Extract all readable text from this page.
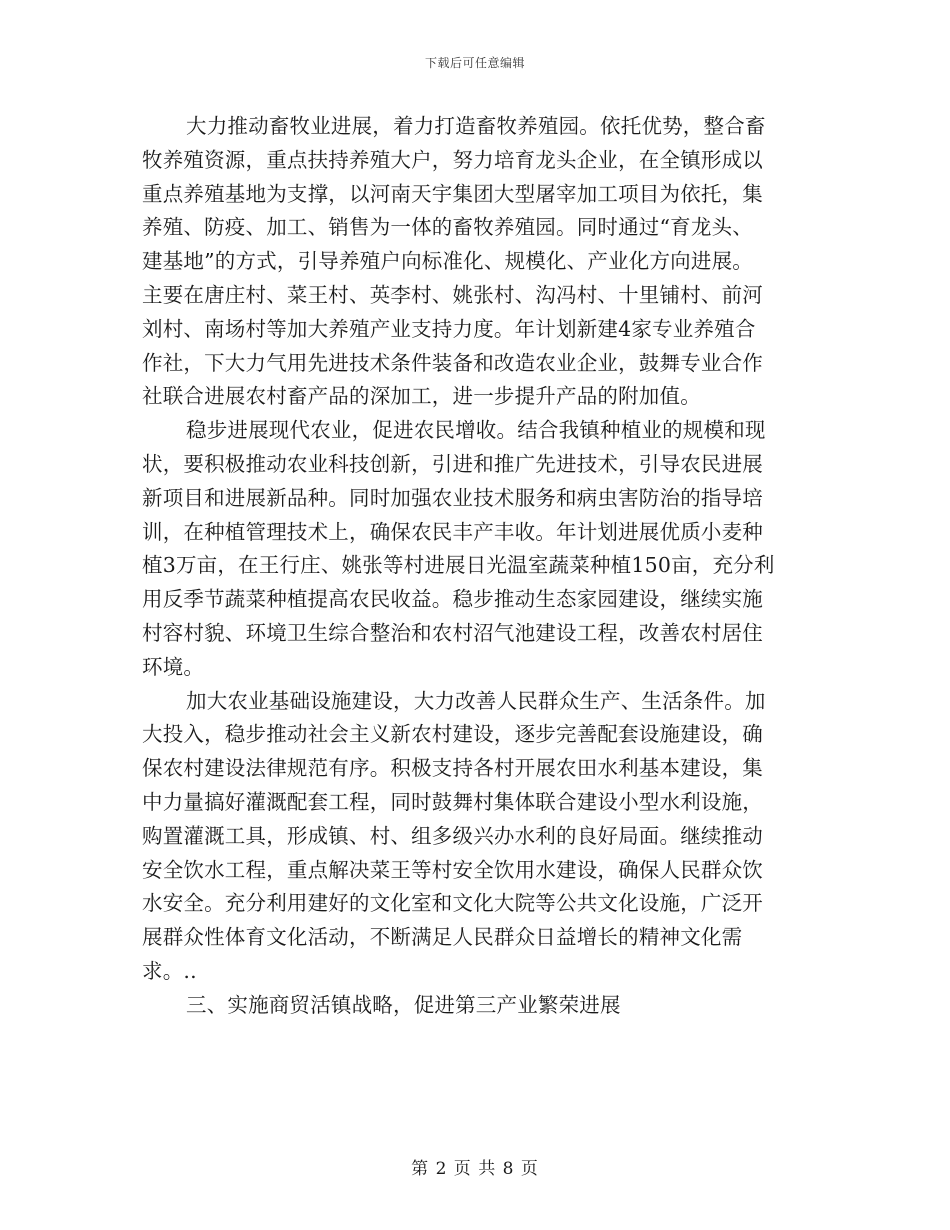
下载后可任意编辑
大力推动畜牧业进展，着力打造畜牧养殖园。依托优势，整合畜
牧养殖资源，重点扶持养殖大户，努力培育龙头企业，在全镇形成以
重点养殖基地为支撑，以河南天宇集团大型屠宰加工项目为依托，集
养殖、防疫、加工、销售为一体的畜牧养殖园。同时通过“育龙头、
建基地”的方式，引导养殖户向标准化、规模化、产业化方向进展。
主要在唐庄村、菜王村、英李村、姚张村、沟冯村、十里铺村、前河
刘村、南场村等加大养殖产业支持力度。年计划新建4家专业养殖合
作社，下大力气用先进技术条件装备和改造农业企业，鼓舞专业合作
社联合进展农村畜产品的深加工，进一步提升产品的附加值。
稳步进展现代农业，促进农民增收。结合我镇种植业的规模和现
状，要积极推动农业科技创新，引进和推广先进技术，引导农民进展
新项目和进展新品种。同时加强农业技术服务和病虫害防治的指导培
训，在种植管理技术上，确保农民丰产丰收。年计划进展优质小麦种
植3万亩，在王行庄、姚张等村进展日光温室蔬菜种植150亩，充分利
用反季节蔬菜种植提高农民收益。稳步推动生态家园建设，继续实施
村容村貌、环境卫生综合整治和农村沼气池建设工程，改善农村居住
环境。
加大农业基础设施建设，大力改善人民群众生产、生活条件。加
大投入，稳步推动社会主义新农村建设，逐步完善配套设施建设，确
保农村建设法律规范有序。积极支持各村开展农田水利基本建设，集
中力量搞好灌溉配套工程，同时鼓舞村集体联合建设小型水利设施，
购置灌溉工具，形成镇、村、组多级兴办水利的良好局面。继续推动
安全饮水工程，重点解决菜王等村安全饮用水建设，确保人民群众饮
水安全。充分利用建好的文化室和文化大院等公共文化设施，广泛开
展群众性体育文化活动，不断满足人民群众日益增长的精神文化需
求。..
三、实施商贸活镇战略，促进第三产业繁荣进展
第 2 页 共 8 页
